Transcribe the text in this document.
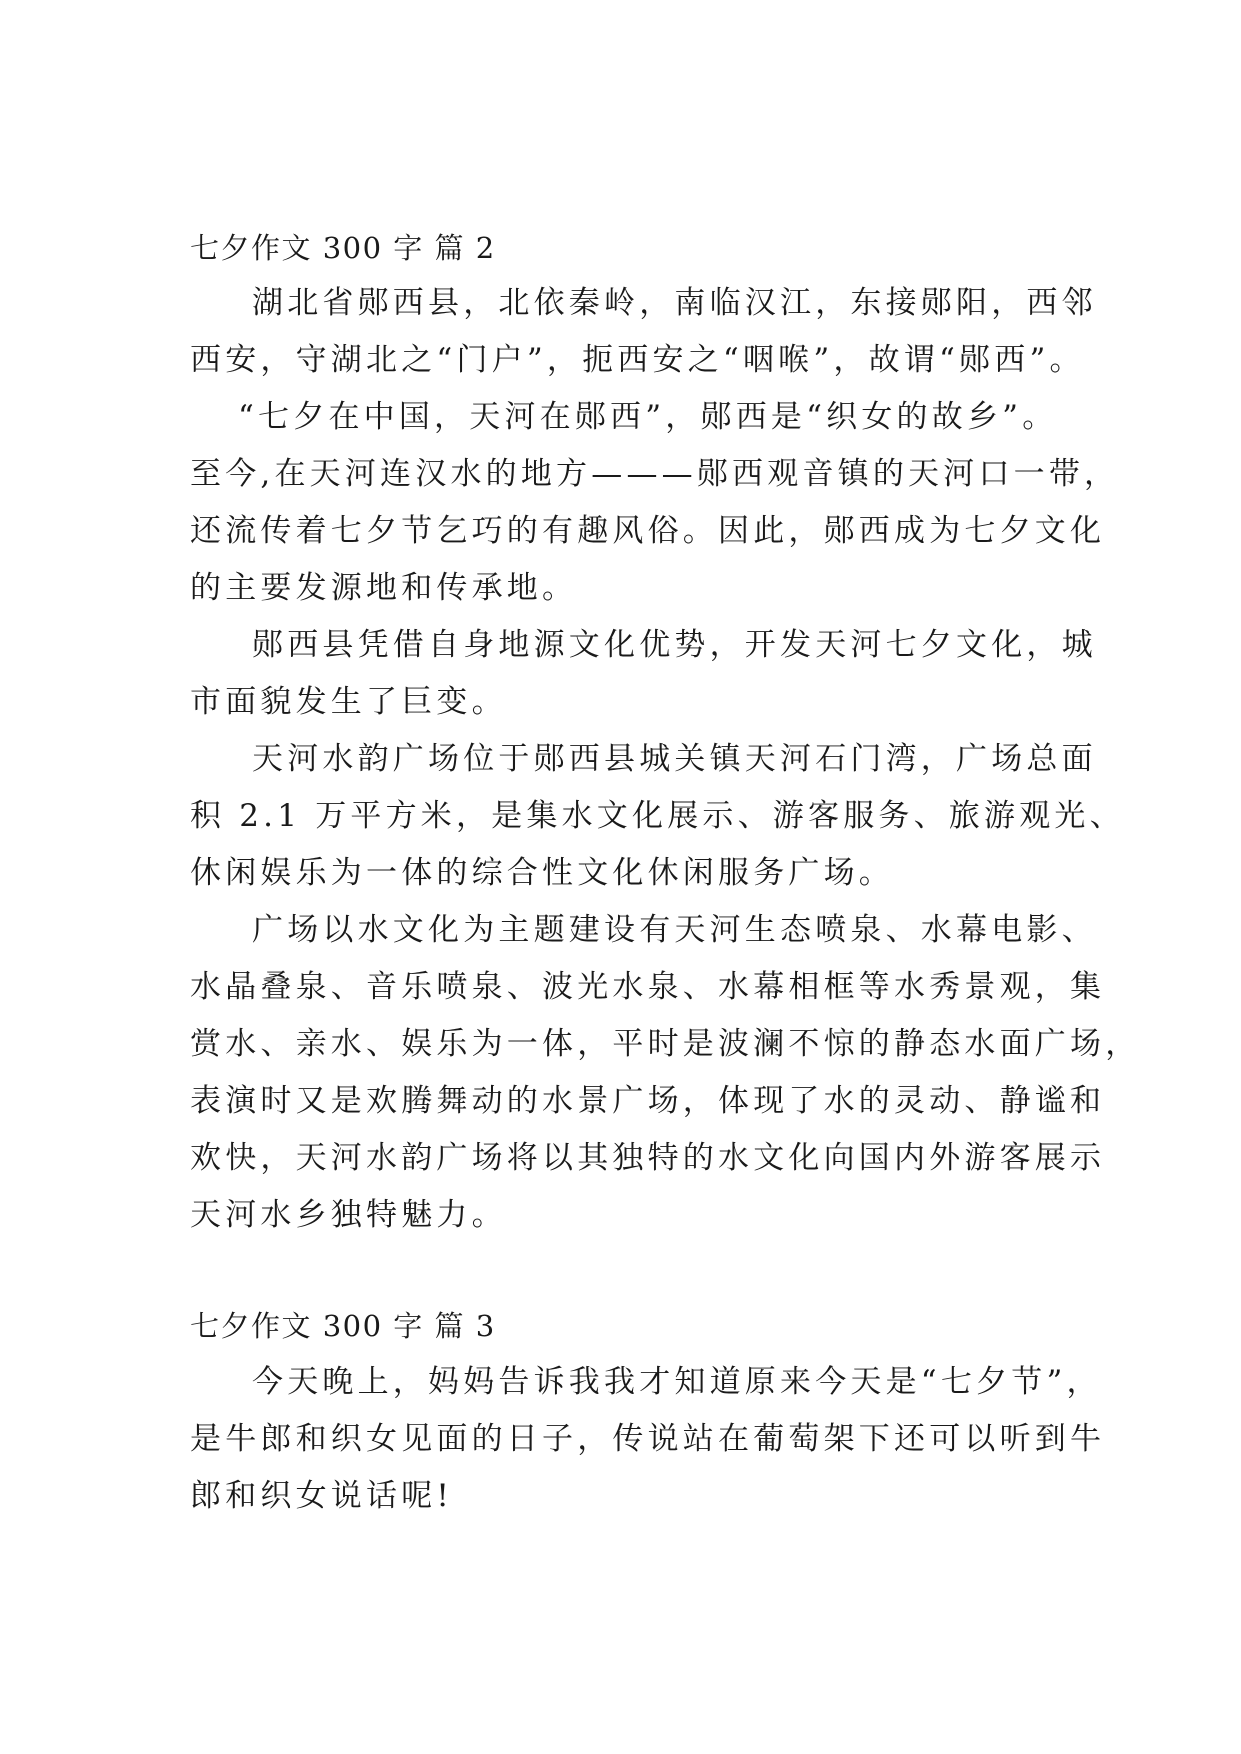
七夕作文 300 字 篇 2
湖北省郧西县，北依秦岭，南临汉江，东接郧阳，西邻
西安，守湖北之“门户”，扼西安之“咽喉”，故谓“郧西”。
“七夕在中国，天河在郧西”，郧西是“织女的故乡”。
至今,在天河连汉水的地方———郧西观音镇的天河口一带，
还流传着七夕节乞巧的有趣风俗。因此，郧西成为七夕文化
的主要发源地和传承地。
郧西县凭借自身地源文化优势，开发天河七夕文化，城
市面貌发生了巨变。
天河水韵广场位于郧西县城关镇天河石门湾，广场总面
积 2.1 万平方米，是集水文化展示、游客服务、旅游观光、
休闲娱乐为一体的综合性文化休闲服务广场。
广场以水文化为主题建设有天河生态喷泉、水幕电影、
水晶叠泉、音乐喷泉、波光水泉、水幕相框等水秀景观，集
赏水、亲水、娱乐为一体，平时是波澜不惊的静态水面广场，
表演时又是欢腾舞动的水景广场，体现了水的灵动、静谧和
欢快，天河水韵广场将以其独特的水文化向国内外游客展示
天河水乡独特魅力。
七夕作文 300 字 篇 3
今天晚上，妈妈告诉我我才知道原来今天是“七夕节”，
是牛郎和织女见面的日子，传说站在葡萄架下还可以听到牛
郎和织女说话呢!
